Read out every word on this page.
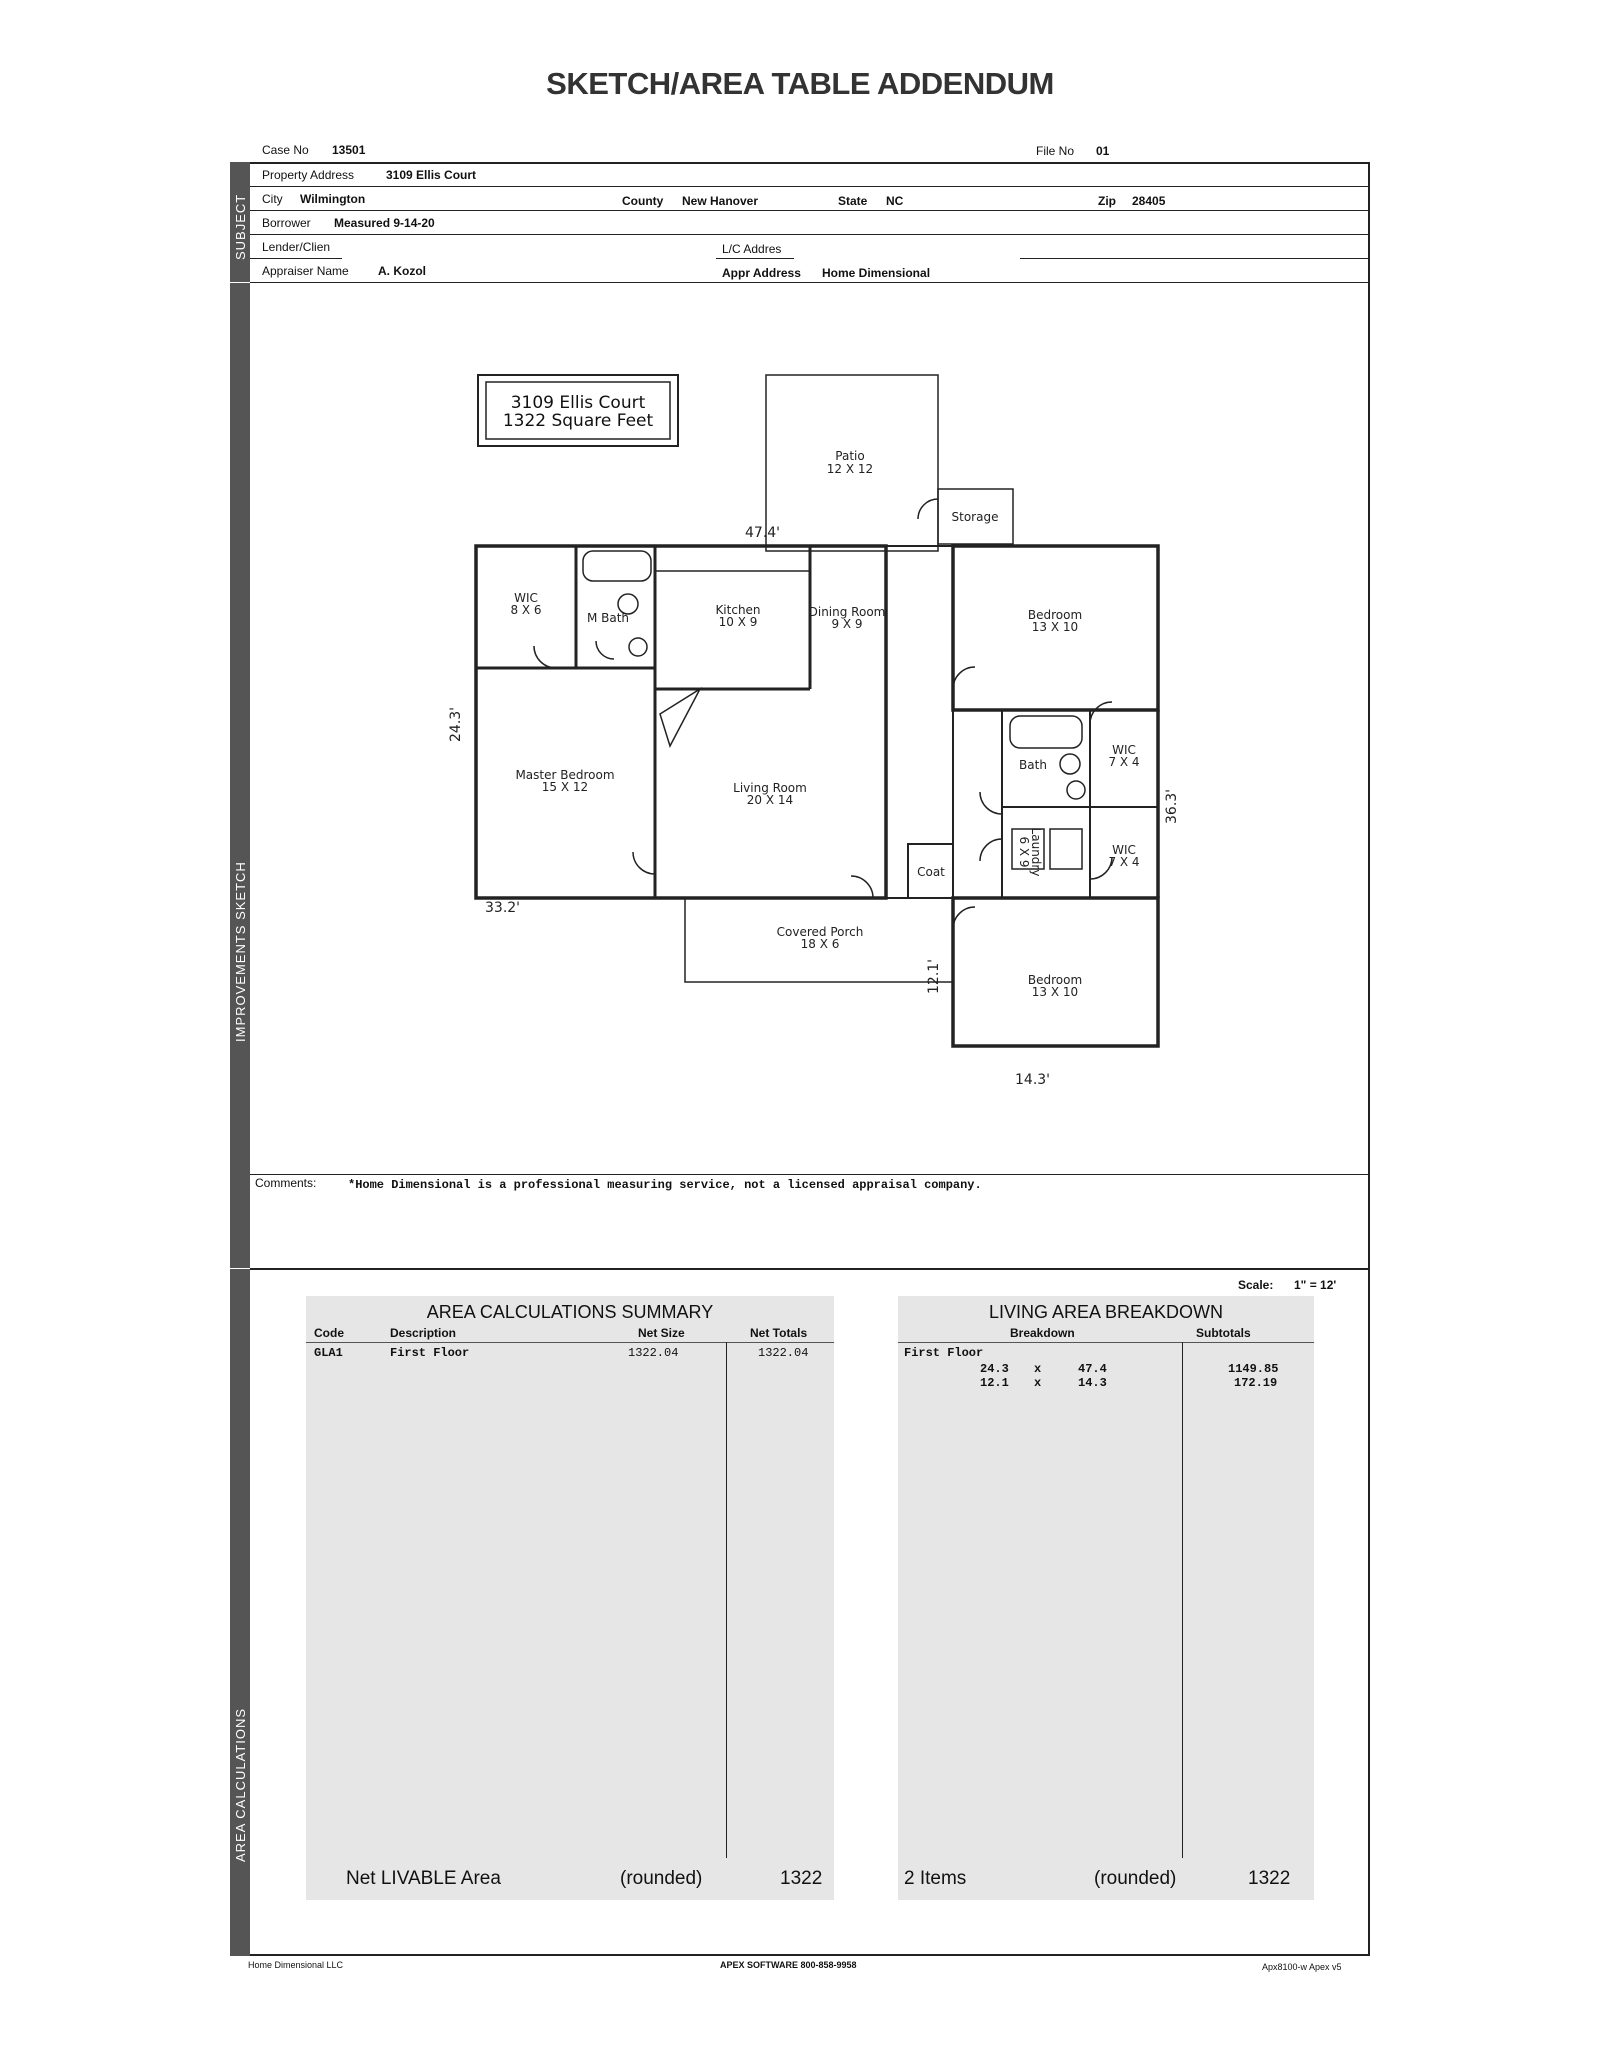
SKETCH/AREA TABLE ADDENDUM
SUBJECT
IMPROVEMENTS SKETCH
AREA CALCULATIONS
Case No 13501	File No 01
Property Address	3109 Ellis Court
City Wilmington	County New Hanover	State NC	Zip 28405
Borrower Measured 9-14-20
Lender/Clien	L/C Addres
Appraiser Name A. Kozol	Appr Address Home Dimensional
Comments:	*Home Dimensional is a professional measuring service, not a licensed appraisal company.
47.4'
33.2'
14.3'
24.3'
36.3'
12.1'
3109 Ellis Court
1322 Square Feet
Patio
12 X 12
Storage
WIC
8 X 6
M Bath
Kitchen
10 X 9
Dining Room
9 X 9
Bedroom
13 X 10
Master Bedroom
15 X 12	Living Room
20 X 14
Bath
WIC
7 X 4
WIC
7 X 4
Coat
Covered Porch
18 X 6
Bedroom
13 X 10
Laundry
6 X 9
Scale: 1" = 12'
AREA CALCULATIONS SUMMARY
Code	Description	Net Size	Net Totals
GLA1	First Floor	1322.04	1322.04
Net LIVABLE Area	(rounded)	1322
LIVING AREA BREAKDOWN
Breakdown	Subtotals
First Floor
24.3 x	47.4	1149.85
12.1 x	14.3	172.19
2 Items	(rounded)	1322
Home Dimensional LLC	APEX SOFTWARE 800-858-9958	Apx8100-w Apex v5
